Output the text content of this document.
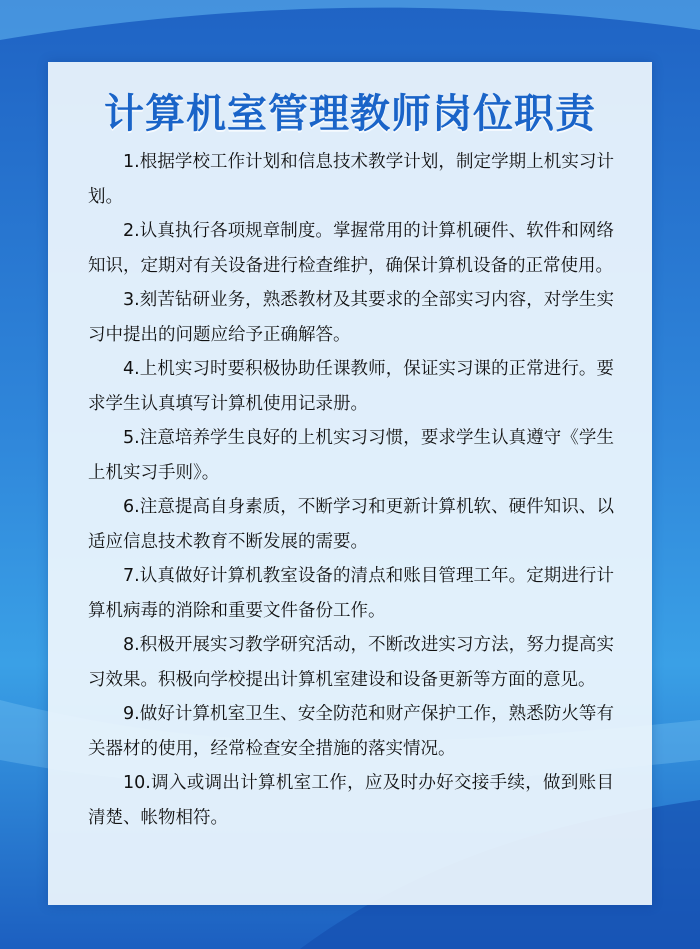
计算机室管理教师岗位职责
1.根据学校工作计划和信息技术教学计划，制定学期上机实习计划。
2.认真执行各项规章制度。掌握常用的计算机硬件、软件和网络知识，定期对有关设备进行检查维护，确保计算机设备的正常使用。
3.刻苦钻研业务，熟悉教材及其要求的全部实习内容，对学生实习中提出的问题应给予正确解答。
4.上机实习时要积极协助任课教师，保证实习课的正常进行。要求学生认真填写计算机使用记录册。
5.注意培养学生良好的上机实习习惯，要求学生认真遵守《学生上机实习手则》。
6.注意提高自身素质，不断学习和更新计算机软、硬件知识、以适应信息技术教育不断发展的需要。
7.认真做好计算机教室设备的清点和账目管理工年。定期进行计算机病毒的消除和重要文件备份工作。
8.积极开展实习教学研究活动，不断改进实习方法，努力提高实习效果。积极向学校提出计算机室建设和设备更新等方面的意见。
9.做好计算机室卫生、安全防范和财产保护工作，熟悉防火等有关器材的使用，经常检查安全措施的落实情况。
10.调入或调出计算机室工作，应及时办好交接手续，做到账目清楚、帐物相符。
